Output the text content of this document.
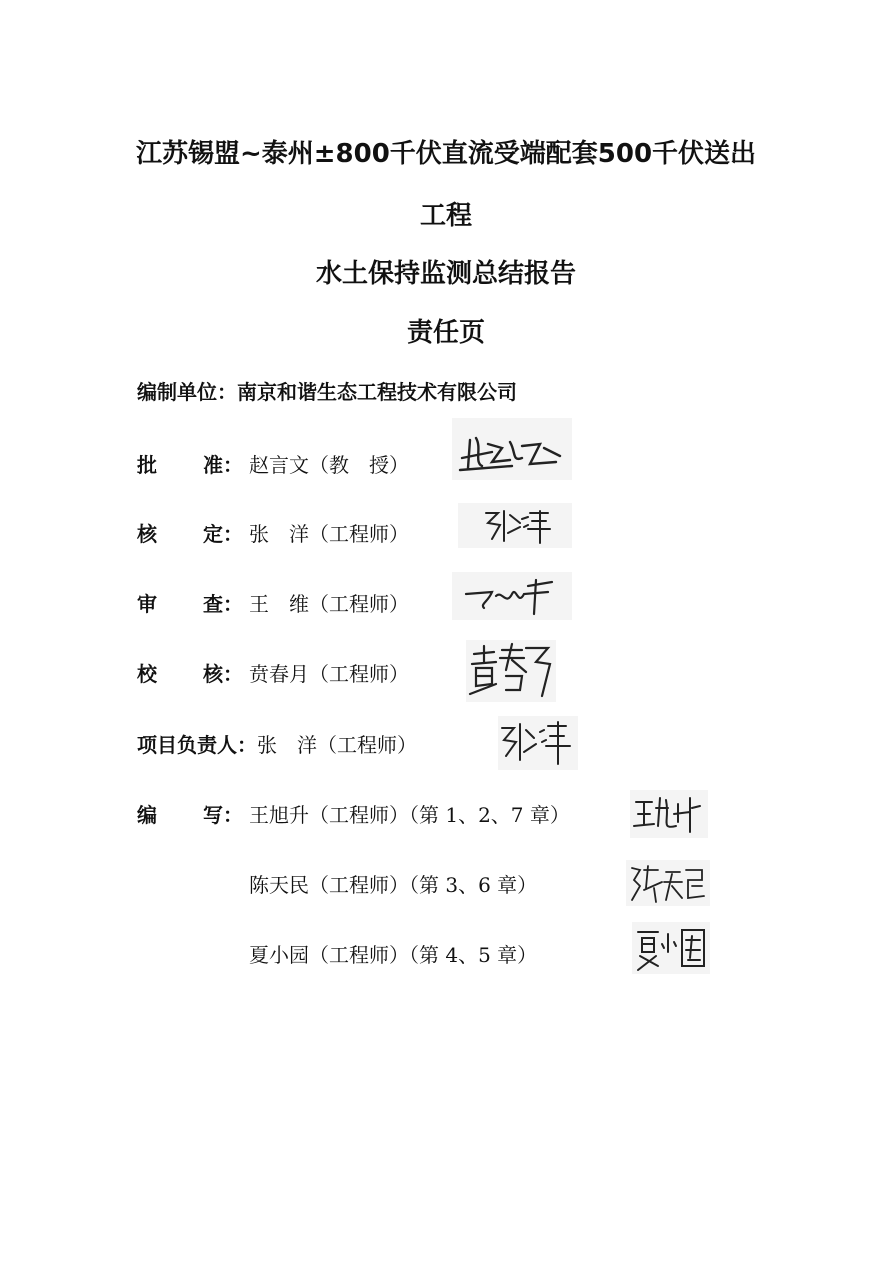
江苏锡盟~泰州±800千伏直流受端配套500千伏送出
工程
水土保持监测总结报告
责任页
编制单位：南京和谐生态工程技术有限公司
批 准： 赵言文（教　授）
核 定： 张　洋（工程师）
审 查： 王　维（工程师）
校 核： 贲春月（工程师）
项目负责人：张　洋（工程师）
编 写： 王旭升（工程师）（第 1、2、7 章）
陈天民（工程师）（第 3、6 章）
夏小园（工程师）（第 4、5 章）
